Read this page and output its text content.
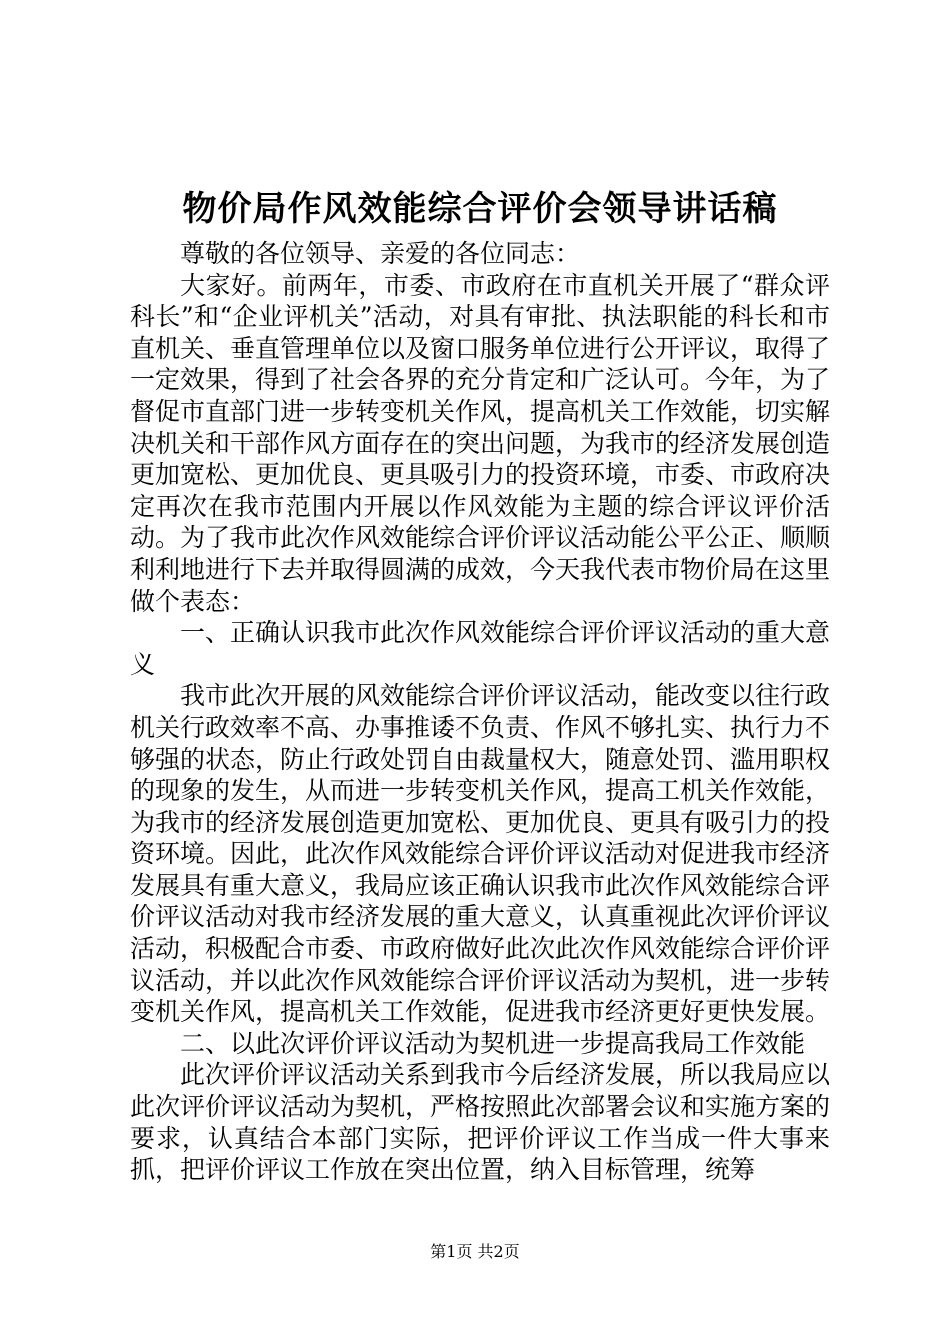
物价局作风效能综合评价会领导讲话稿

尊敬的各位领导、亲爱的各位同志：

大家好。前两年，市委、市政府在市直机关开展了“群众评科长”和“企业评机关”活动，对具有审批、执法职能的科长和市直机关、垂直管理单位以及窗口服务单位进行公开评议，取得了一定效果，得到了社会各界的充分肯定和广泛认可。今年，为了督促市直部门进一步转变机关作风，提高机关工作效能，切实解决机关和干部作风方面存在的突出问题，为我市的经济发展创造更加宽松、更加优良、更具吸引力的投资环境，市委、市政府决定再次在我市范围内开展以作风效能为主题的综合评议评价活动。为了我市此次作风效能综合评价评议活动能公平公正、顺顺利利地进行下去并取得圆满的成效，今天我代表市物价局在这里做个表态：

一、正确认识我市此次作风效能综合评价评议活动的重大意义

我市此次开展的风效能综合评价评议活动，能改变以往行政机关行政效率不高、办事推诿不负责、作风不够扎实、执行力不够强的状态，防止行政处罚自由裁量权大，随意处罚、滥用职权的现象的发生，从而进一步转变机关作风，提高工机关作效能，为我市的经济发展创造更加宽松、更加优良、更具有吸引力的投资环境。因此，此次作风效能综合评价评议活动对促进我市经济发展具有重大意义，我局应该正确认识我市此次作风效能综合评价评议活动对我市经济发展的重大意义，认真重视此次评价评议活动，积极配合市委、市政府做好此次此次作风效能综合评价评议活动，并以此次作风效能综合评价评议活动为契机，进一步转变机关作风，提高机关工作效能，促进我市经济更好更快发展。

二、以此次评价评议活动为契机进一步提高我局工作效能

此次评价评议活动关系到我市今后经济发展，所以我局应以此次评价评议活动为契机，严格按照此次部署会议和实施方案的要求，认真结合本部门实际，把评价评议工作当成一件大事来抓，把评价评议工作放在突出位置，纳入目标管理，统筹

第1页 共2页
